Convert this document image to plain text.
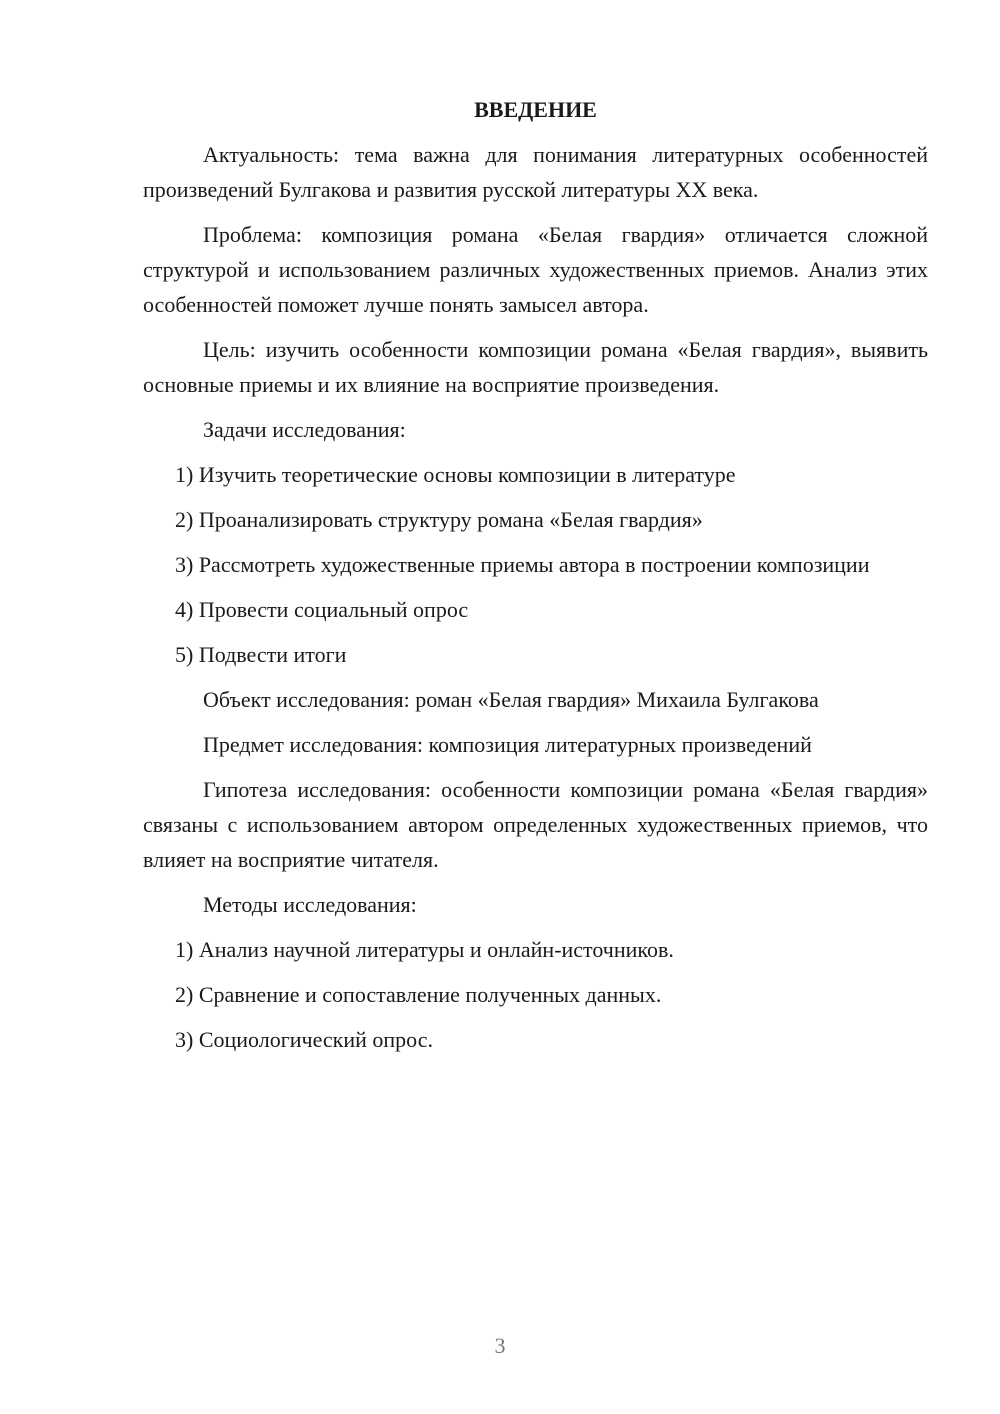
ВВЕДЕНИЕ

Актуальность: тема важна для понимания литературных особенностей произведений Булгакова и развития русской литературы XX века.

Проблема: композиция романа «Белая гвардия» отличается сложной структурой и использованием различных художественных приемов. Анализ этих особенностей поможет лучше понять замысел автора.

Цель: изучить особенности композиции романа «Белая гвардия», выявить основные приемы и их влияние на восприятие произведения.

Задачи исследования:

1) Изучить теоретические основы композиции в литературе

2) Проанализировать структуру романа «Белая гвардия»

3) Рассмотреть художественные приемы автора в построении композиции

4) Провести социальный опрос

5) Подвести итоги

Объект исследования: роман «Белая гвардия» Михаила Булгакова

Предмет исследования: композиция литературных произведений

Гипотеза исследования: особенности композиции романа «Белая гвардия» связаны с использованием автором определенных художественных приемов, что влияет на восприятие читателя.

Методы исследования:

1) Анализ научной литературы и онлайн-источников.

2) Сравнение и сопоставление полученных данных.

3) Социологический опрос.

3
